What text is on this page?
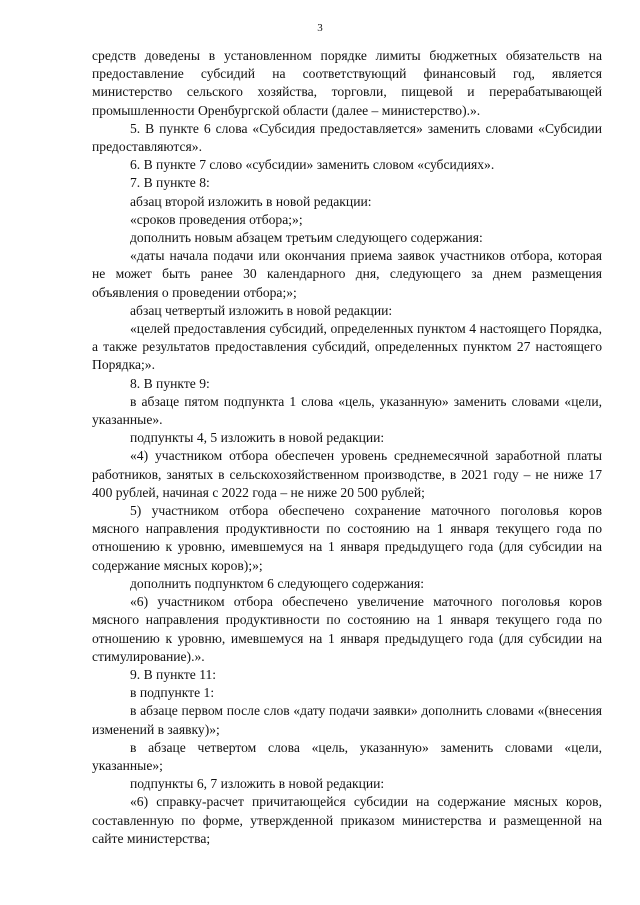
3

средств доведены в установленном порядке лимиты бюджетных обязательств на предоставление субсидий на соответствующий финансовый год, является министерство сельского хозяйства, торговли, пищевой и перерабатывающей промышленности Оренбургской области (далее – министерство).».

5. В пункте 6 слова «Субсидия предоставляется» заменить словами «Субсидии предоставляются».

6. В пункте 7 слово «субсидии» заменить словом «субсидиях».

7. В пункте 8:

абзац второй изложить в новой редакции:

«сроков проведения отбора;»;

дополнить новым абзацем третьим следующего содержания:

«даты начала подачи или окончания приема заявок участников отбора, которая не может быть ранее 30 календарного дня, следующего за днем размещения объявления о проведении отбора;»;

абзац четвертый изложить в новой редакции:

«целей предоставления субсидий, определенных пунктом 4 настоящего Порядка, а также результатов предоставления субсидий, определенных пунктом 27 настоящего Порядка;».

8. В пункте 9:

в абзаце пятом подпункта 1 слова «цель, указанную» заменить словами «цели, указанные».

подпункты 4, 5 изложить в новой редакции:

«4) участником отбора обеспечен уровень среднемесячной заработной платы работников, занятых в сельскохозяйственном производстве, в 2021 году – не ниже 17 400 рублей, начиная с 2022 года – не ниже 20 500 рублей;

5) участником отбора обеспечено сохранение маточного поголовья коров мясного направления продуктивности по состоянию на 1 января текущего года по отношению к уровню, имевшемуся на 1 января предыдущего года (для субсидии на содержание мясных коров);»;

дополнить подпунктом 6 следующего содержания:

«6) участником отбора обеспечено увеличение маточного поголовья коров мясного направления продуктивности по состоянию на 1 января текущего года по отношению к уровню, имевшемуся на 1 января предыдущего года (для субсидии на стимулирование).».

9. В пункте 11:

в подпункте 1:

в абзаце первом после слов «дату подачи заявки» дополнить словами «(внесения изменений в заявку)»;

в абзаце четвертом слова «цель, указанную» заменить словами «цели, указанные»;

подпункты 6, 7 изложить в новой редакции:

«6) справку-расчет причитающейся субсидии на содержание мясных коров, составленную по форме, утвержденной приказом министерства и размещенной на сайте министерства;
